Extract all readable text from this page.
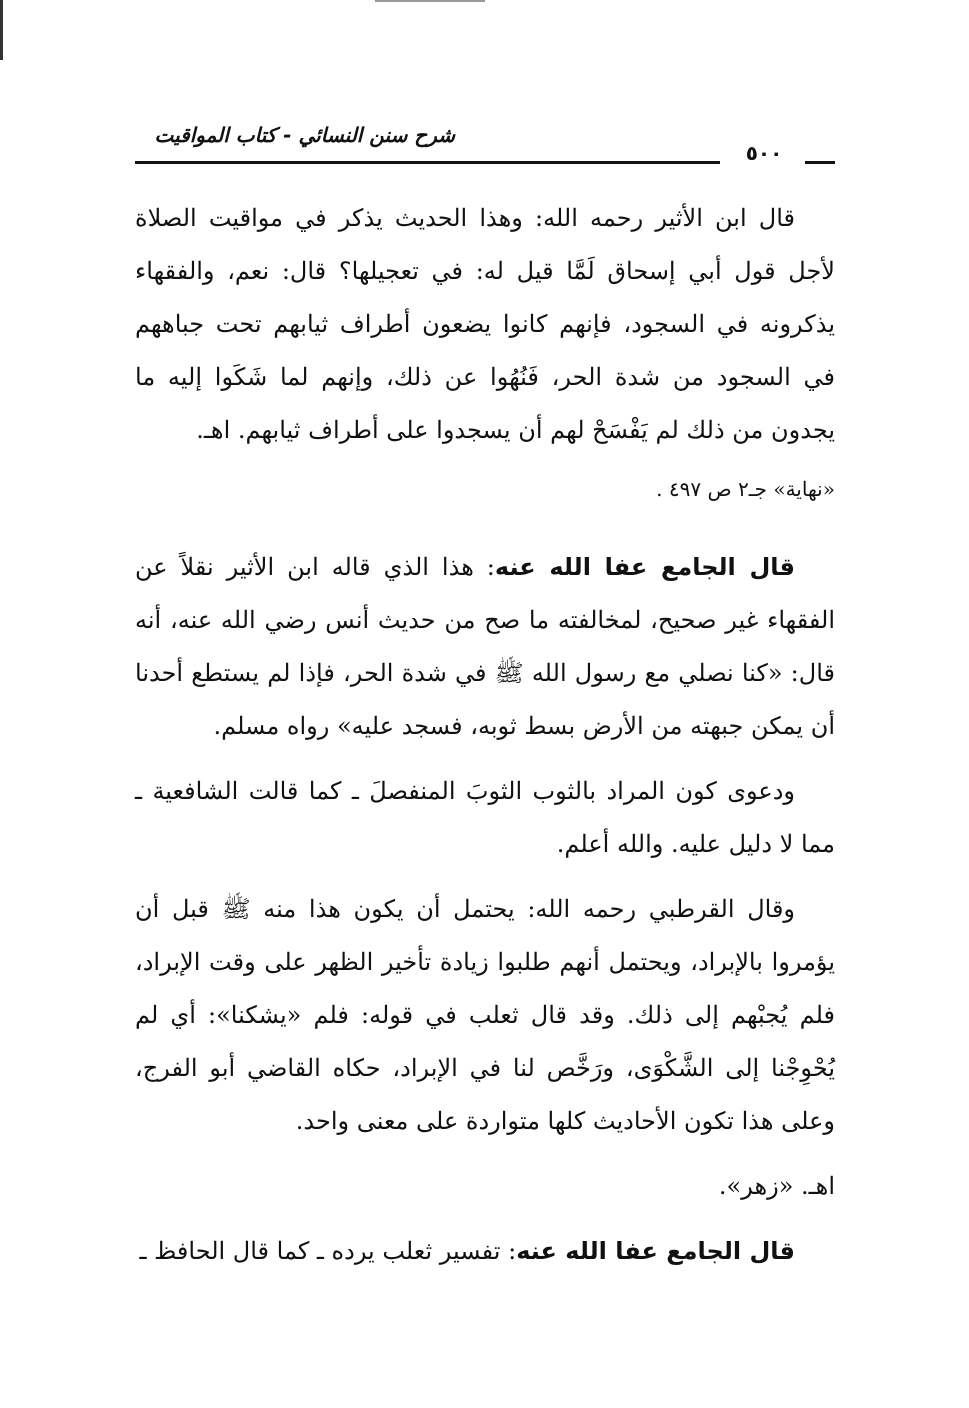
شرح سنن النسائي - كتاب المواقيت
٥٠٠

قال ابن الأثير رحمه الله: وهذا الحديث يذكر في مواقيت الصلاة لأجل قول أبي إسحاق لَمَّا قيل له: في تعجيلها؟ قال: نعم، والفقهاء يذكرونه في السجود، فإنهم كانوا يضعون أطراف ثيابهم تحت جباههم في السجود من شدة الحر، فَنُهُوا عن ذلك، وإنهم لما شَكَوا إليه ما يجدون من ذلك لم يَفْسَحْ لهم أن يسجدوا على أطراف ثيابهم. اهـ.

«نهاية» جـ٢ ص ٤٩٧ .

قال الجامع عفا الله عنه: هذا الذي قاله ابن الأثير نقلاً عن الفقهاء غير صحيح، لمخالفته ما صح من حديث أنس رضي الله عنه، أنه قال: «كنا نصلي مع رسول الله ﷺ في شدة الحر، فإذا لم يستطع أحدنا أن يمكن جبهته من الأرض بسط ثوبه، فسجد عليه» رواه مسلم.

ودعوى كون المراد بالثوب الثوبَ المنفصلَ ـ كما قالت الشافعية ـ مما لا دليل عليه. والله أعلم.

وقال القرطبي رحمه الله: يحتمل أن يكون هذا منه ﷺ قبل أن يؤمروا بالإبراد، ويحتمل أنهم طلبوا زيادة تأخير الظهر على وقت الإبراد، فلم يُجبْهم إلى ذلك. وقد قال ثعلب في قوله: فلم «يشكنا»: أي لم يُحْوِجْنا إلى الشَّكْوَى، ورَخَّص لنا في الإبراد، حكاه القاضي أبو الفرج، وعلى هذا تكون الأحاديث كلها متواردة على معنى واحد.

اهـ. «زهر».

قال الجامع عفا الله عنه: تفسير ثعلب يرده ـ كما قال الحافظ ـ
